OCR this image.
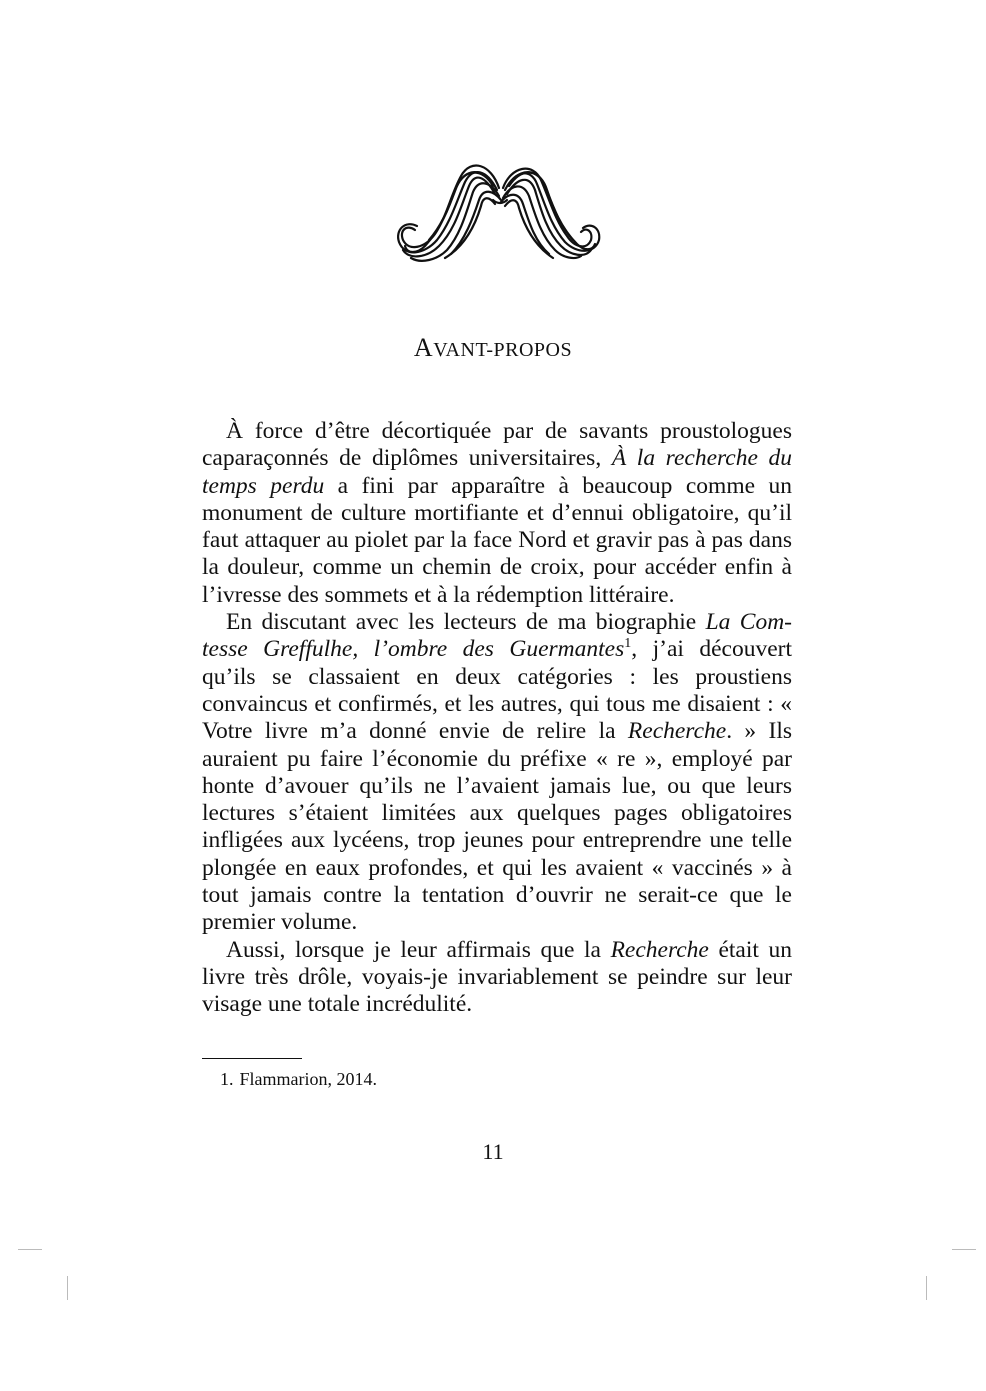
AVANT-PROPOS

À force d’être décortiquée par de savants proustologues caparaçonnés de diplômes universitaires, À la recherche du temps perdu a fini par apparaître à beaucoup comme un monument de culture mortifiante et d’ennui obligatoire, qu’il faut attaquer au piolet par la face Nord et gravir pas à pas dans la douleur, comme un chemin de croix, pour accéder enfin à l’ivresse des sommets et à la rédemption littéraire.

En discutant avec les lecteurs de ma biographie La Comtesse Greffulhe, l’ombre des Guermantes$^1$, j’ai découvert qu’ils se classaient en deux catégories : les proustiens convaincus et confirmés, et les autres, qui tous me disaient : « Votre livre m’a donné envie de relire la Recherche. » Ils auraient pu faire l’économie du préfixe « re », employé par honte d’avouer qu’ils ne l’avaient jamais lue, ou que leurs lectures s’étaient limitées aux quelques pages obligatoires infligées aux lycéens, trop jeunes pour entreprendre une telle plongée en eaux profondes, et qui les avaient « vaccinés » à tout jamais contre la tentation d’ouvrir ne serait-ce que le premier volume.

Aussi, lorsque je leur affirmais que la Recherche était un livre très drôle, voyais-je invariablement se peindre sur leur visage une totale incrédulité.

1. Flammarion, 2014.
11
